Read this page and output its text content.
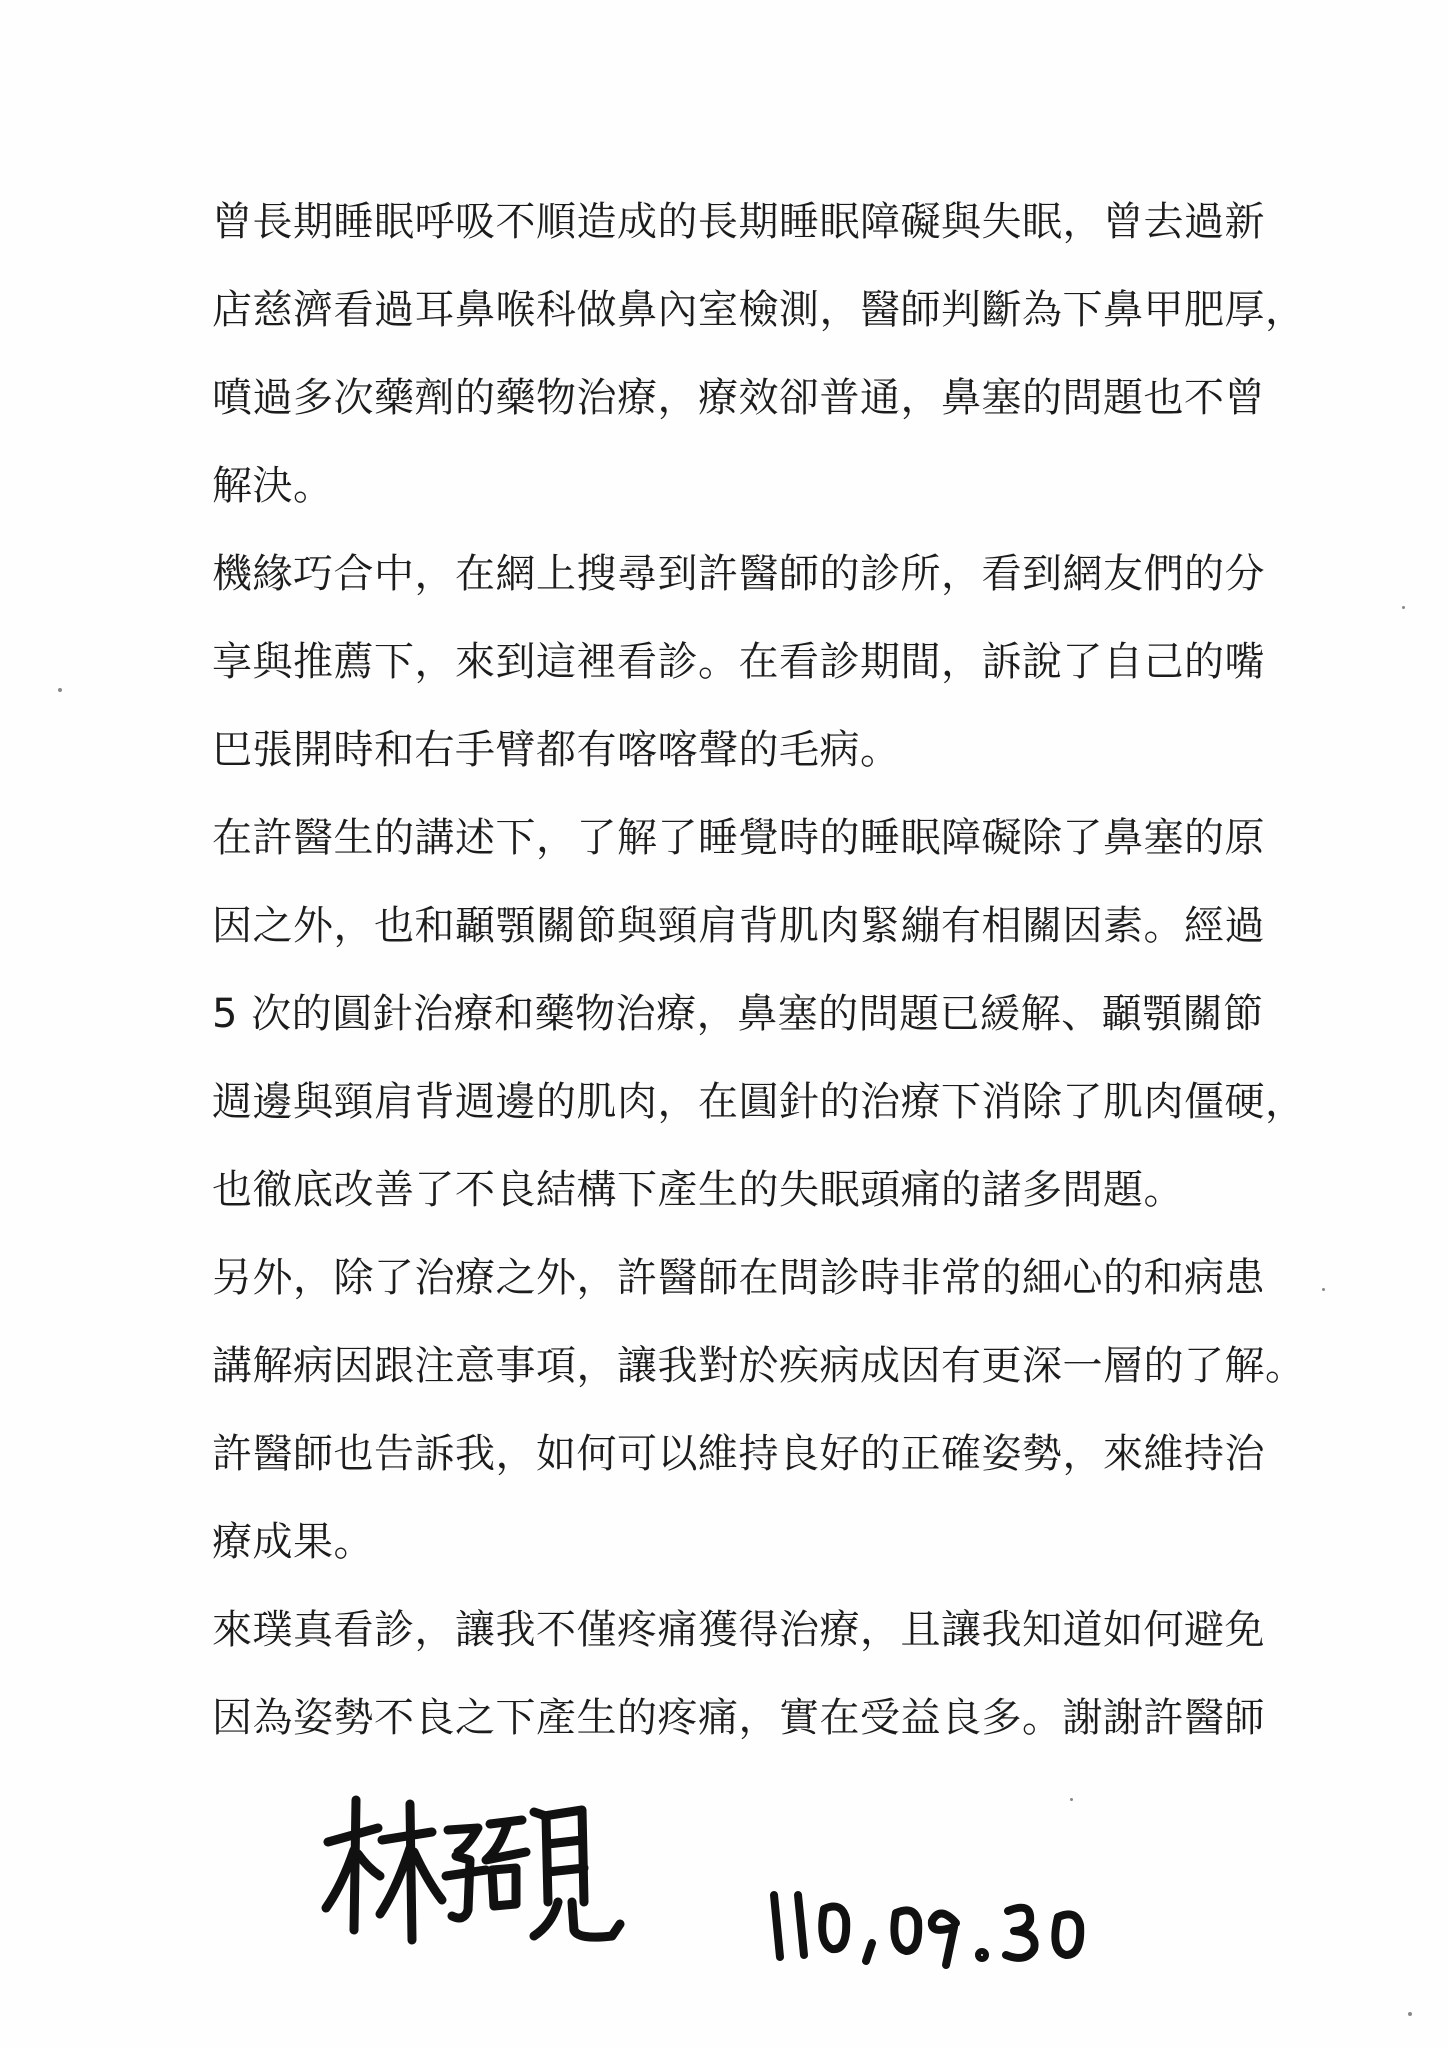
曾長期睡眠呼吸不順造成的長期睡眠障礙與失眠，曾去過新
店慈濟看過耳鼻喉科做鼻內室檢測，醫師判斷為下鼻甲肥厚，
噴過多次藥劑的藥物治療，療效卻普通，鼻塞的問題也不曾
解決。
機緣巧合中，在網上搜尋到許醫師的診所，看到網友們的分
享與推薦下，來到這裡看診。在看診期間，訴說了自己的嘴
巴張開時和右手臂都有喀喀聲的毛病。
在許醫生的講述下，了解了睡覺時的睡眠障礙除了鼻塞的原
因之外，也和顳顎關節與頸肩背肌肉緊繃有相關因素。經過
5 次的圓針治療和藥物治療，鼻塞的問題已緩解、顳顎關節
週邊與頸肩背週邊的肌肉，在圓針的治療下消除了肌肉僵硬，
也徹底改善了不良結構下產生的失眠頭痛的諸多問題。
另外，除了治療之外，許醫師在問診時非常的細心的和病患
講解病因跟注意事項，讓我對於疾病成因有更深一層的了解。
許醫師也告訴我，如何可以維持良好的正確姿勢，來維持治
療成果。
來璞真看診，讓我不僅疼痛獲得治療，且讓我知道如何避免
因為姿勢不良之下產生的疼痛，實在受益良多。謝謝許醫師
